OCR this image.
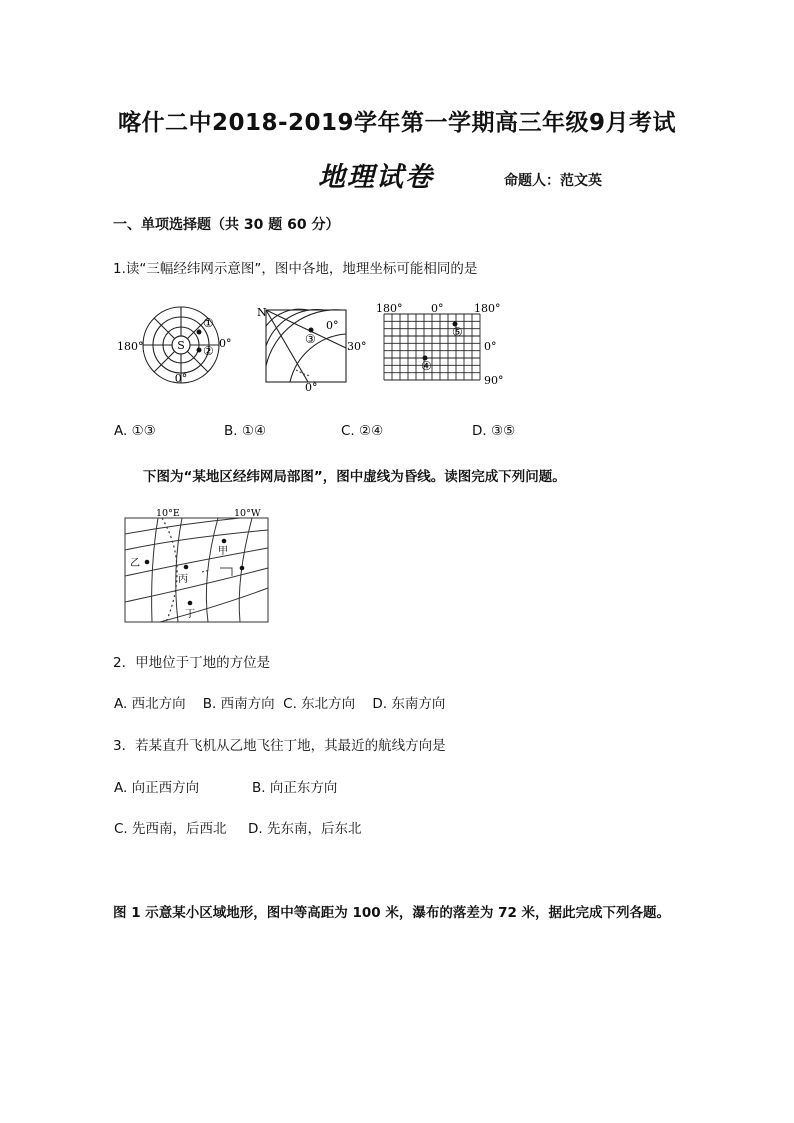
喀什二中2018-2019学年第一学期高三年级9月考试
地理试卷	命题人：范文英
一、单项选择题（共 30 题 60 分）
1.读“三幅经纬网示意图”，图中各地，地理坐标可能相同的是
S
①
②
180°	0°
0°
N
0°
30°
0°
③
180°	0°	180°
0°
90°
⑤
④
A. ①③	B. ①④	C. ②④	D. ③⑤
下图为“某地区经纬网局部图”，图中虚线为昏线。读图完成下列问题。
10°E	10°W
甲
乙
丙
丁
2．甲地位于丁地的方位是
A. 西北方向    B. 西南方向  C. 东北方向    D. 东南方向
3．若某直升飞机从乙地飞往丁地，其最近的航线方向是
A. 向正西方向	B. 向正东方向
C. 先西南，后西北     D. 先东南，后东北
图 1 示意某小区域地形，图中等高距为 100 米，瀑布的落差为 72 米，据此完成下列各题。
